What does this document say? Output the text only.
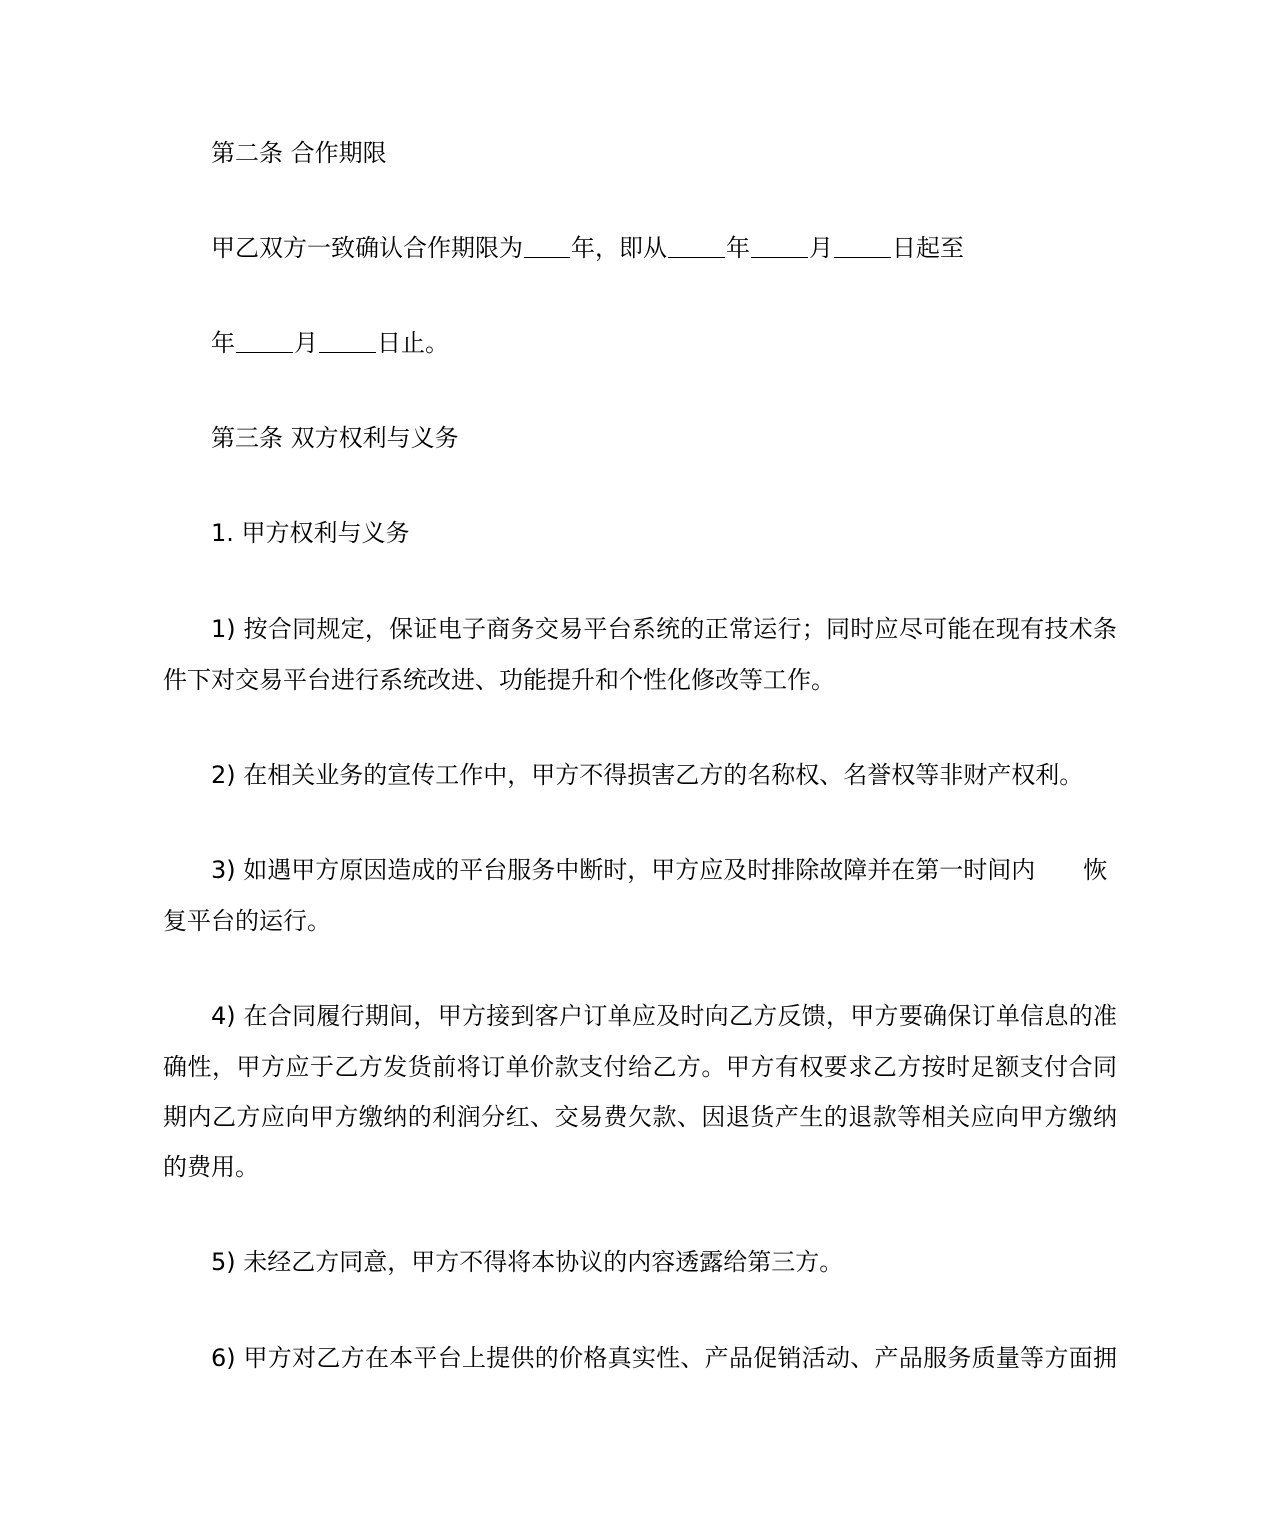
第二条 合作期限
甲乙双方一致确认合作期限为 年，即从 年 月 日起至
年 月 日止。
第三条 双方权利与义务
1. 甲方权利与义务
1) 按合同规定，保证电子商务交易平台系统的正常运行；同时应尽可能在现有技术条
件下对交易平台进行系统改进、功能提升和个性化修改等工作。
2) 在相关业务的宣传工作中，甲方不得损害乙方的名称权、名誉权等非财产权利。
3) 如遇甲方原因造成的平台服务中断时，甲方应及时排除故障并在第一时间内 恢
复平台的运行。
4) 在合同履行期间，甲方接到客户订单应及时向乙方反馈，甲方要确保订单信息的准
确性，甲方应于乙方发货前将订单价款支付给乙方。甲方有权要求乙方按时足额支付合同
期内乙方应向甲方缴纳的利润分红、交易费欠款、因退货产生的退款等相关应向甲方缴纳
的费用。
5) 未经乙方同意，甲方不得将本协议的内容透露给第三方。
6) 甲方对乙方在本平台上提供的价格真实性、产品促销活动、产品服务质量等方面拥
